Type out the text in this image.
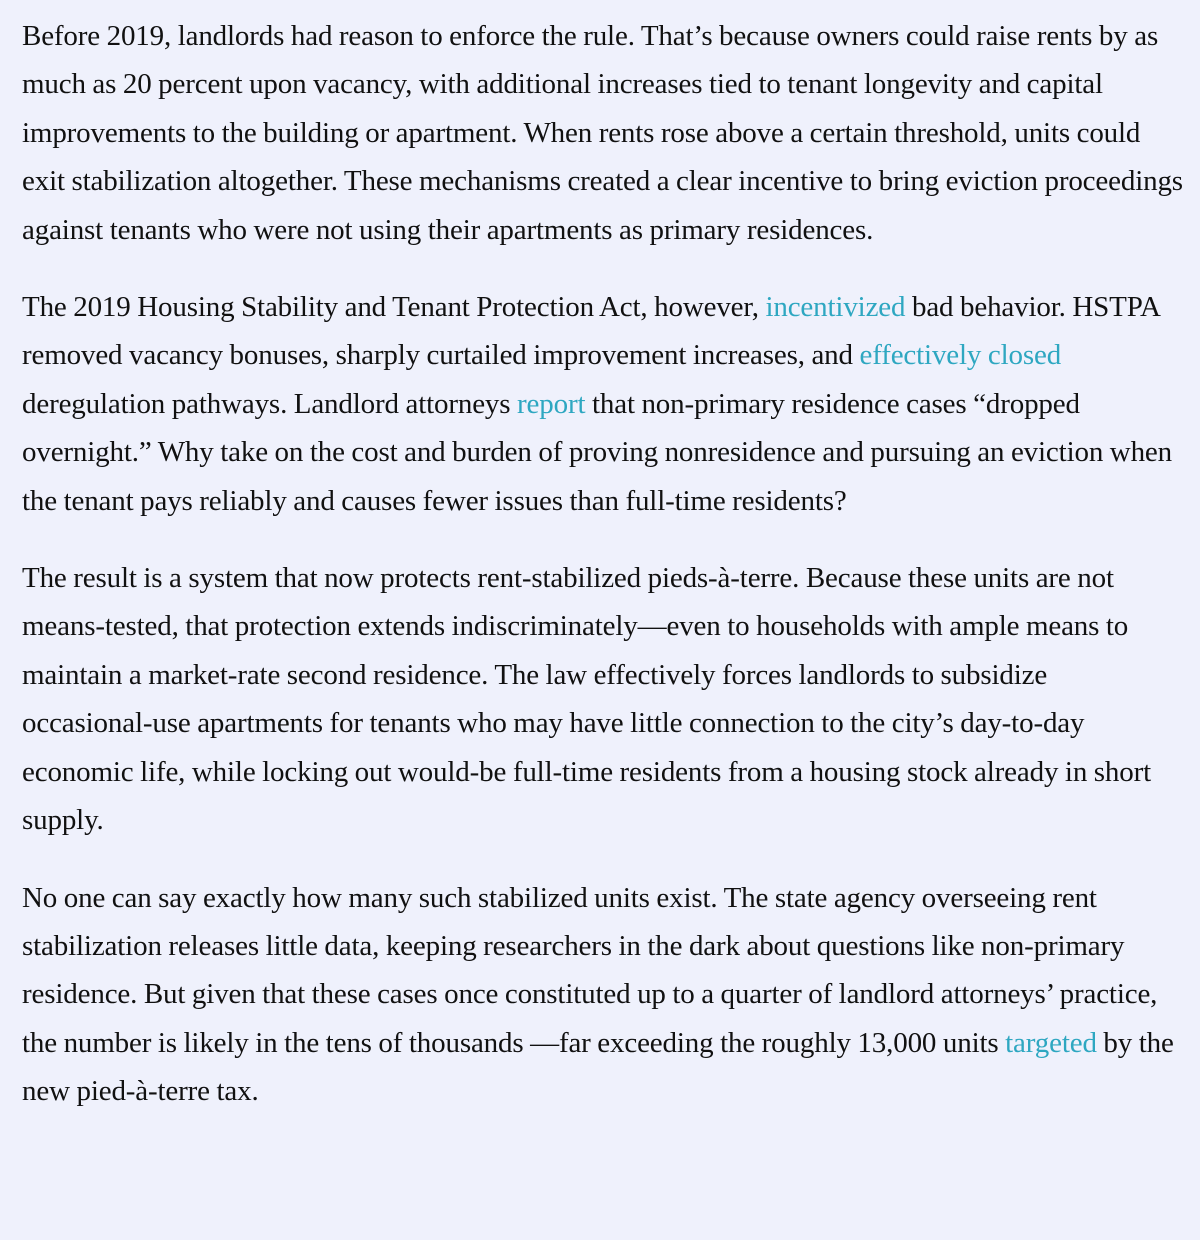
Before 2019, landlords had reason to enforce the rule. That’s because owners could raise rents by as much as 20 percent upon vacancy, with additional increases tied to tenant longevity and capital improvements to the building or apartment. When rents rose above a certain threshold, units could exit stabilization altogether. These mechanisms created a clear incentive to bring eviction proceedings against tenants who were not using their apartments as primary residences.

The 2019 Housing Stability and Tenant Protection Act, however, incentivized bad behavior. HSTPA removed vacancy bonuses, sharply curtailed improvement increases, and effectively closed deregulation pathways. Landlord attorneys report that non-primary residence cases “dropped overnight.” Why take on the cost and burden of proving nonresidence and pursuing an eviction when the tenant pays reliably and causes fewer issues than full-time residents?

The result is a system that now protects rent-stabilized pieds-à-terre. Because these units are not means-tested, that protection extends indiscriminately—even to households with ample means to maintain a market-rate second residence. The law effectively forces landlords to subsidize occasional-use apartments for tenants who may have little connection to the city’s day-to-day economic life, while locking out would-be full-time residents from a housing stock already in short supply.

No one can say exactly how many such stabilized units exist. The state agency overseeing rent stabilization releases little data, keeping researchers in the dark about questions like non-primary residence. But given that these cases once constituted up to a quarter of landlord attorneys’ practice, the number is likely in the tens of thousands —far exceeding the roughly 13,000 units targeted by the new pied-à-terre tax.
